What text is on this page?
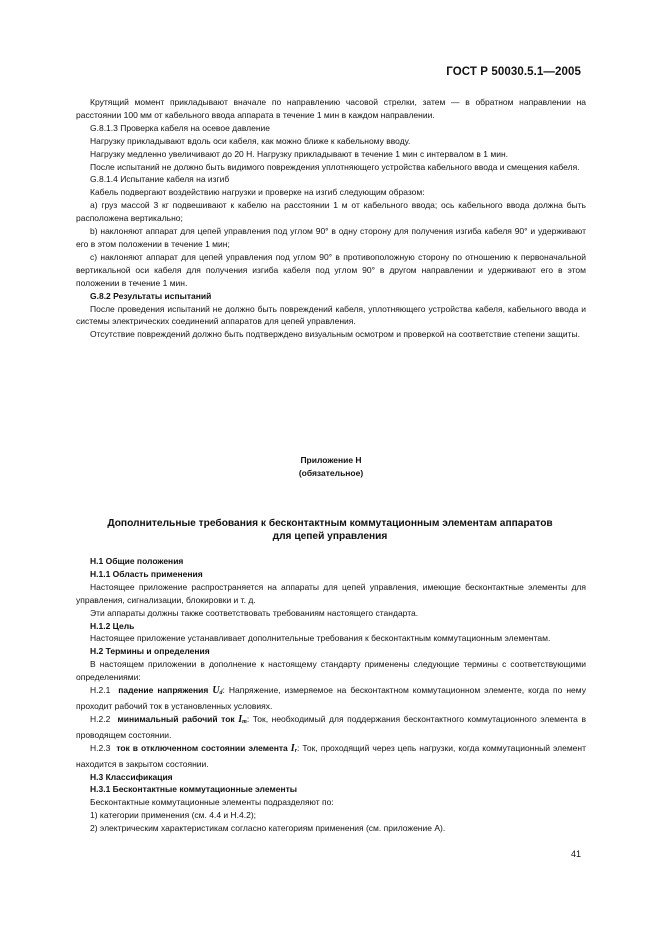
ГОСТ Р 50030.5.1—2005

Крутящий момент прикладывают вначале по направлению часовой стрелки, затем — в обратном направлении на расстоянии 100 мм от кабельного ввода аппарата в течение 1 мин в каждом направлении.

G.8.1.3 Проверка кабеля на осевое давление

Нагрузку прикладывают вдоль оси кабеля, как можно ближе к кабельному вводу.

Нагрузку медленно увеличивают до 20 Н. Нагрузку прикладывают в течение 1 мин с интервалом в 1 мин.

После испытаний не должно быть видимого повреждения уплотняющего устройства кабельного ввода и смещения кабеля.

G.8.1.4 Испытание кабеля на изгиб

Кабель подвергают воздействию нагрузки и проверке на изгиб следующим образом:

a) груз массой 3 кг подвешивают к кабелю на расстоянии 1 м от кабельного ввода; ось кабельного ввода должна быть расположена вертикально;

b) наклоняют аппарат для цепей управления под углом 90° в одну сторону для получения изгиба кабеля 90° и удерживают его в этом положении в течение 1 мин;

c) наклоняют аппарат для цепей управления под углом 90° в противоположную сторону по отношению к первоначальной вертикальной оси кабеля для получения изгиба кабеля под углом 90° в другом направлении и удерживают его в этом положении в течение 1 мин.

G.8.2 Результаты испытаний

После проведения испытаний не должно быть повреждений кабеля, уплотняющего устройства кабеля, кабельного ввода и системы электрических соединений аппаратов для цепей управления.

Отсутствие повреждений должно быть подтверждено визуальным осмотром и проверкой на соответствие степени защиты.

Приложение Н
(обязательное)
Дополнительные требования к бесконтактным коммутационным элементам аппаратов
для цепей управления

Н.1 Общие положения

Н.1.1 Область применения

Настоящее приложение распространяется на аппараты для цепей управления, имеющие бесконтактные элементы для управления, сигнализации, блокировки и т. д.

Эти аппараты должны также соответствовать требованиям настоящего стандарта.

Н.1.2 Цель

Настоящее приложение устанавливает дополнительные требования к бесконтактным коммутационным элементам.

Н.2 Термины и определения

В настоящем приложении в дополнение к настоящему стандарту применены следующие термины с соответствующими определениями:

Н.2.1 падение напряжения Ud: Напряжение, измеряемое на бесконтактном коммутационном элементе, когда по нему проходит рабочий ток в установленных условиях.

Н.2.2 минимальный рабочий ток Im: Ток, необходимый для поддержания бесконтактного коммутационного элемента в проводящем состоянии.

Н.2.3 ток в отключенном состоянии элемента Ir: Ток, проходящий через цепь нагрузки, когда коммутационный элемент находится в закрытом состоянии.

Н.3 Классификация

Н.3.1 Бесконтактные коммутационные элементы

Бесконтактные коммутационные элементы подразделяют по:

1) категории применения (см. 4.4 и Н.4.2);

2) электрическим характеристикам согласно категориям применения (см. приложение А).

41
